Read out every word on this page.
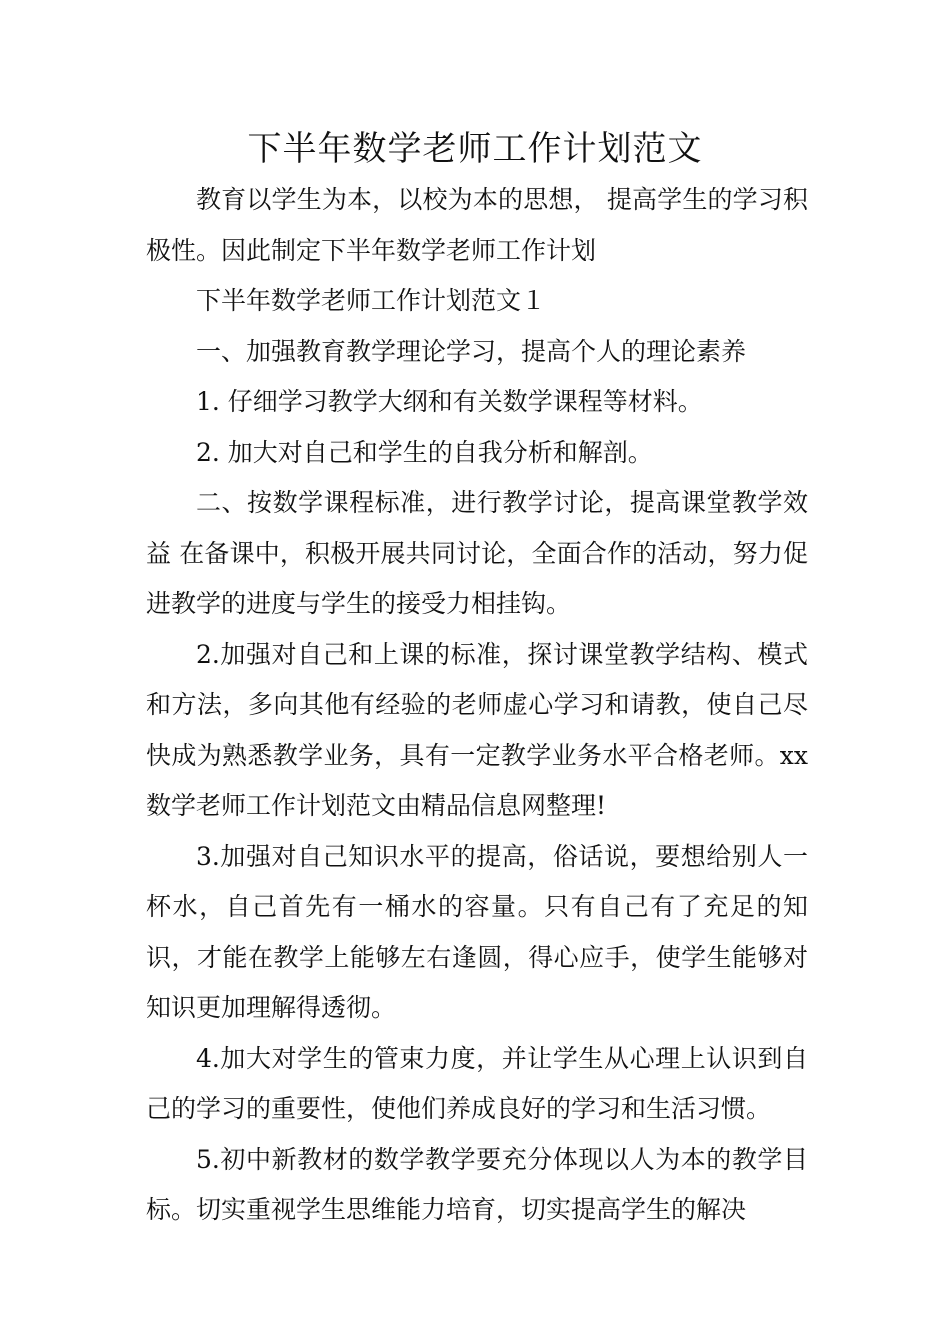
下半年数学老师工作计划范文

教育以学生为本，以校为本的思想， 提高学生的学习积极性。因此制定下半年数学老师工作计划

下半年数学老师工作计划范文１

一、加强教育教学理论学习，提高个人的理论素养

1. 仔细学习教学大纲和有关数学课程等材料。

2. 加大对自己和学生的自我分析和解剖。

二、按数学课程标准，进行教学讨论，提高课堂教学效益 在备课中，积极开展共同讨论，全面合作的活动，努力促进教学的进度与学生的接受力相挂钩。

2.加强对自己和上课的标准，探讨课堂教学结构、模式和方法，多向其他有经验的老师虚心学习和请教，使自己尽快成为熟悉教学业务，具有一定教学业务水平合格老师。xx数学老师工作计划范文由精品信息网整理!

3.加强对自己知识水平的提高，俗话说，要想给别人一杯水，自己首先有一桶水的容量。只有自己有了充足的知识，才能在教学上能够左右逢圆，得心应手，使学生能够对知识更加理解得透彻。

4.加大对学生的管束力度，并让学生从心理上认识到自己的学习的重要性，使他们养成良好的学习和生活习惯。

5.初中新教材的数学教学要充分体现以人为本的教学目标。切实重视学生思维能力培育，切实提高学生的解决
